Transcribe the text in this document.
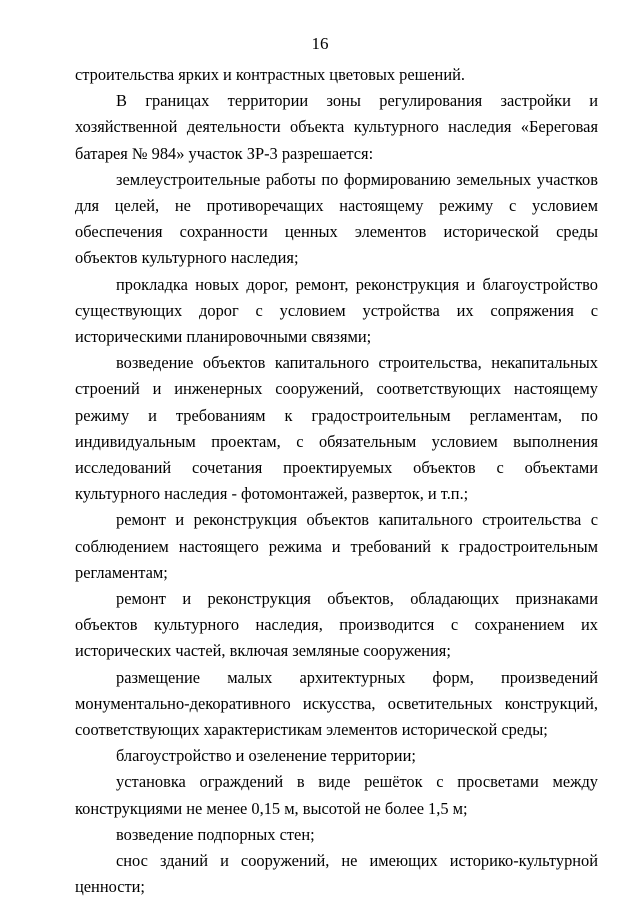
16

строительства ярких и контрастных цветовых решений.

В границах территории зоны регулирования застройки и хозяйственной деятельности объекта культурного наследия «Береговая батарея № 984» участок ЗР-3 разрешается:

землеустроительные работы по формированию земельных участков для целей, не противоречащих настоящему режиму с условием обеспечения сохранности ценных элементов исторической среды объектов культурного наследия;

прокладка новых дорог, ремонт, реконструкция и благоустройство существующих дорог с условием устройства их сопряжения с историческими планировочными связями;

возведение объектов капитального строительства, некапитальных строений и инженерных сооружений, соответствующих настоящему режиму и требованиям к градостроительным регламентам, по индивидуальным проектам, с обязательным условием выполнения исследований сочетания проектируемых объектов с объектами культурного наследия - фотомонтажей, разверток, и т.п.;

ремонт и реконструкция объектов капитального строительства с соблюдением настоящего режима и требований к градостроительным регламентам;

ремонт и реконструкция объектов, обладающих признаками объектов культурного наследия, производится с сохранением их исторических частей, включая земляные сооружения;

размещение малых архитектурных форм, произведений монументально-декоративного искусства, осветительных конструкций, соответствующих характеристикам элементов исторической среды;

благоустройство и озеленение территории;

установка ограждений в виде решёток с просветами между конструкциями не менее 0,15 м, высотой не более 1,5 м;

возведение подпорных стен;

снос зданий и сооружений, не имеющих историко-культурной ценности;
